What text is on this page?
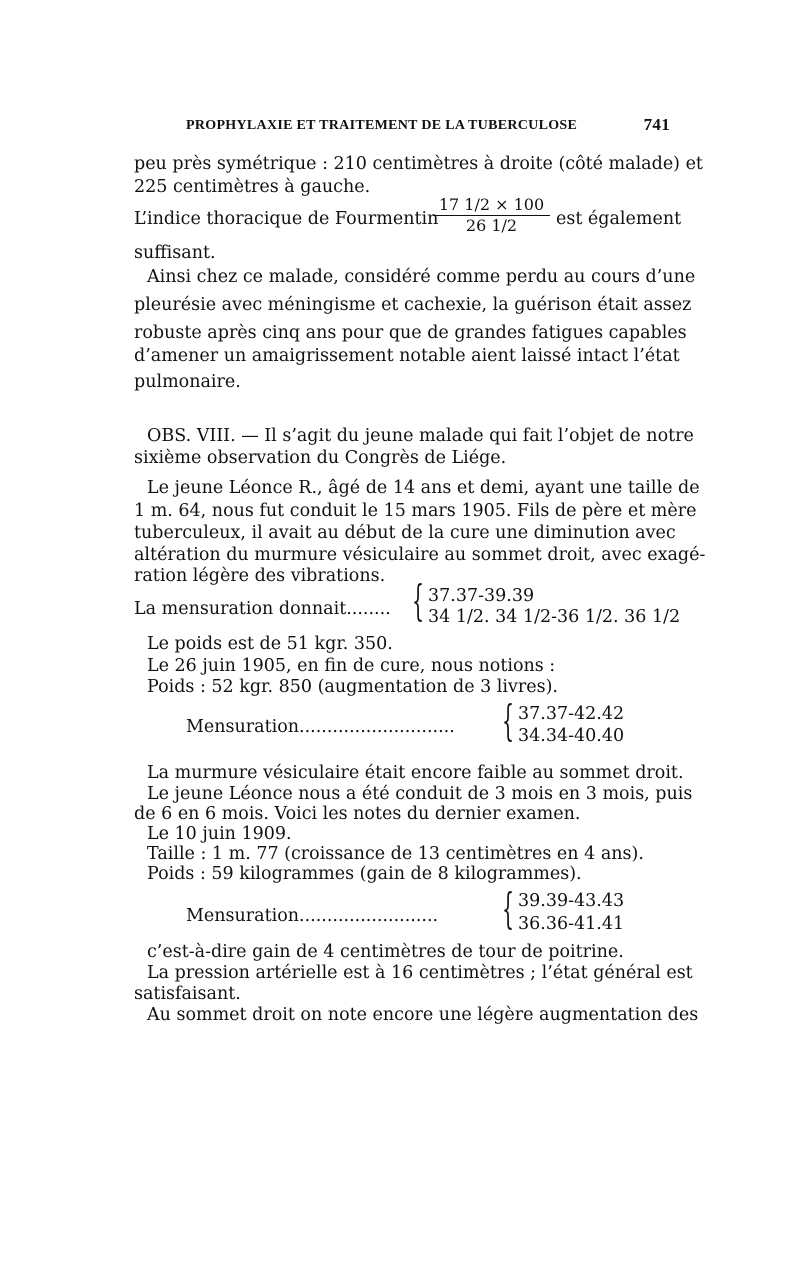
PROPHYLAXIE ET TRAITEMENT DE LA TUBERCULOSE	741
peu près symétrique : 210 centimètres à droite (côté malade) et
225 centimètres à gauche.
L’indice thoracique de Fourmentin
17 1/2 × 100
26 1/2	est également
suffisant.
Ainsi chez ce malade, considéré comme perdu au cours d’une
pleurésie avec méningisme et cachexie, la guérison était assez
robuste après cinq ans pour que de grandes fatigues capables
d’amener un amaigrissement notable aient laissé intact l’état
pulmonaire.
OBS. VIII. — Il s’agit du jeune malade qui fait l’objet de notre
sixième observation du Congrès de Liége.
Le jeune Léonce R., âgé de 14 ans et demi, ayant une taille de
1 m. 64, nous fut conduit le 15 mars 1905. Fils de père et mère
tuberculeux, il avait au début de la cure une diminution avec
altération du murmure vésiculaire au sommet droit, avec exagé-
ration légère des vibrations.
La mensuration donnait........ { 37.37-39.39
34 1/2. 34 1/2-36 1/2. 36 1/2
Le poids est de 51 kgr. 350.
Le 26 juin 1905, en fin de cure, nous notions :
Poids : 52 kgr. 850 (augmentation de 3 livres).
Mensuration............................	{ 37.37-42.42
34.34-40.40
La murmure vésiculaire était encore faible au sommet droit.
Le jeune Léonce nous a été conduit de 3 mois en 3 mois, puis
de 6 en 6 mois. Voici les notes du dernier examen.
Le 10 juin 1909.
Taille : 1 m. 77 (croissance de 13 centimètres en 4 ans).
Poids : 59 kilogrammes (gain de 8 kilogrammes).
Mensuration.........................	{ 39.39-43.43
36.36-41.41
c’est-à-dire gain de 4 centimètres de tour de poitrine.
La pression artérielle est à 16 centimètres ; l’état général est
satisfaisant.
Au sommet droit on note encore une légère augmentation des
